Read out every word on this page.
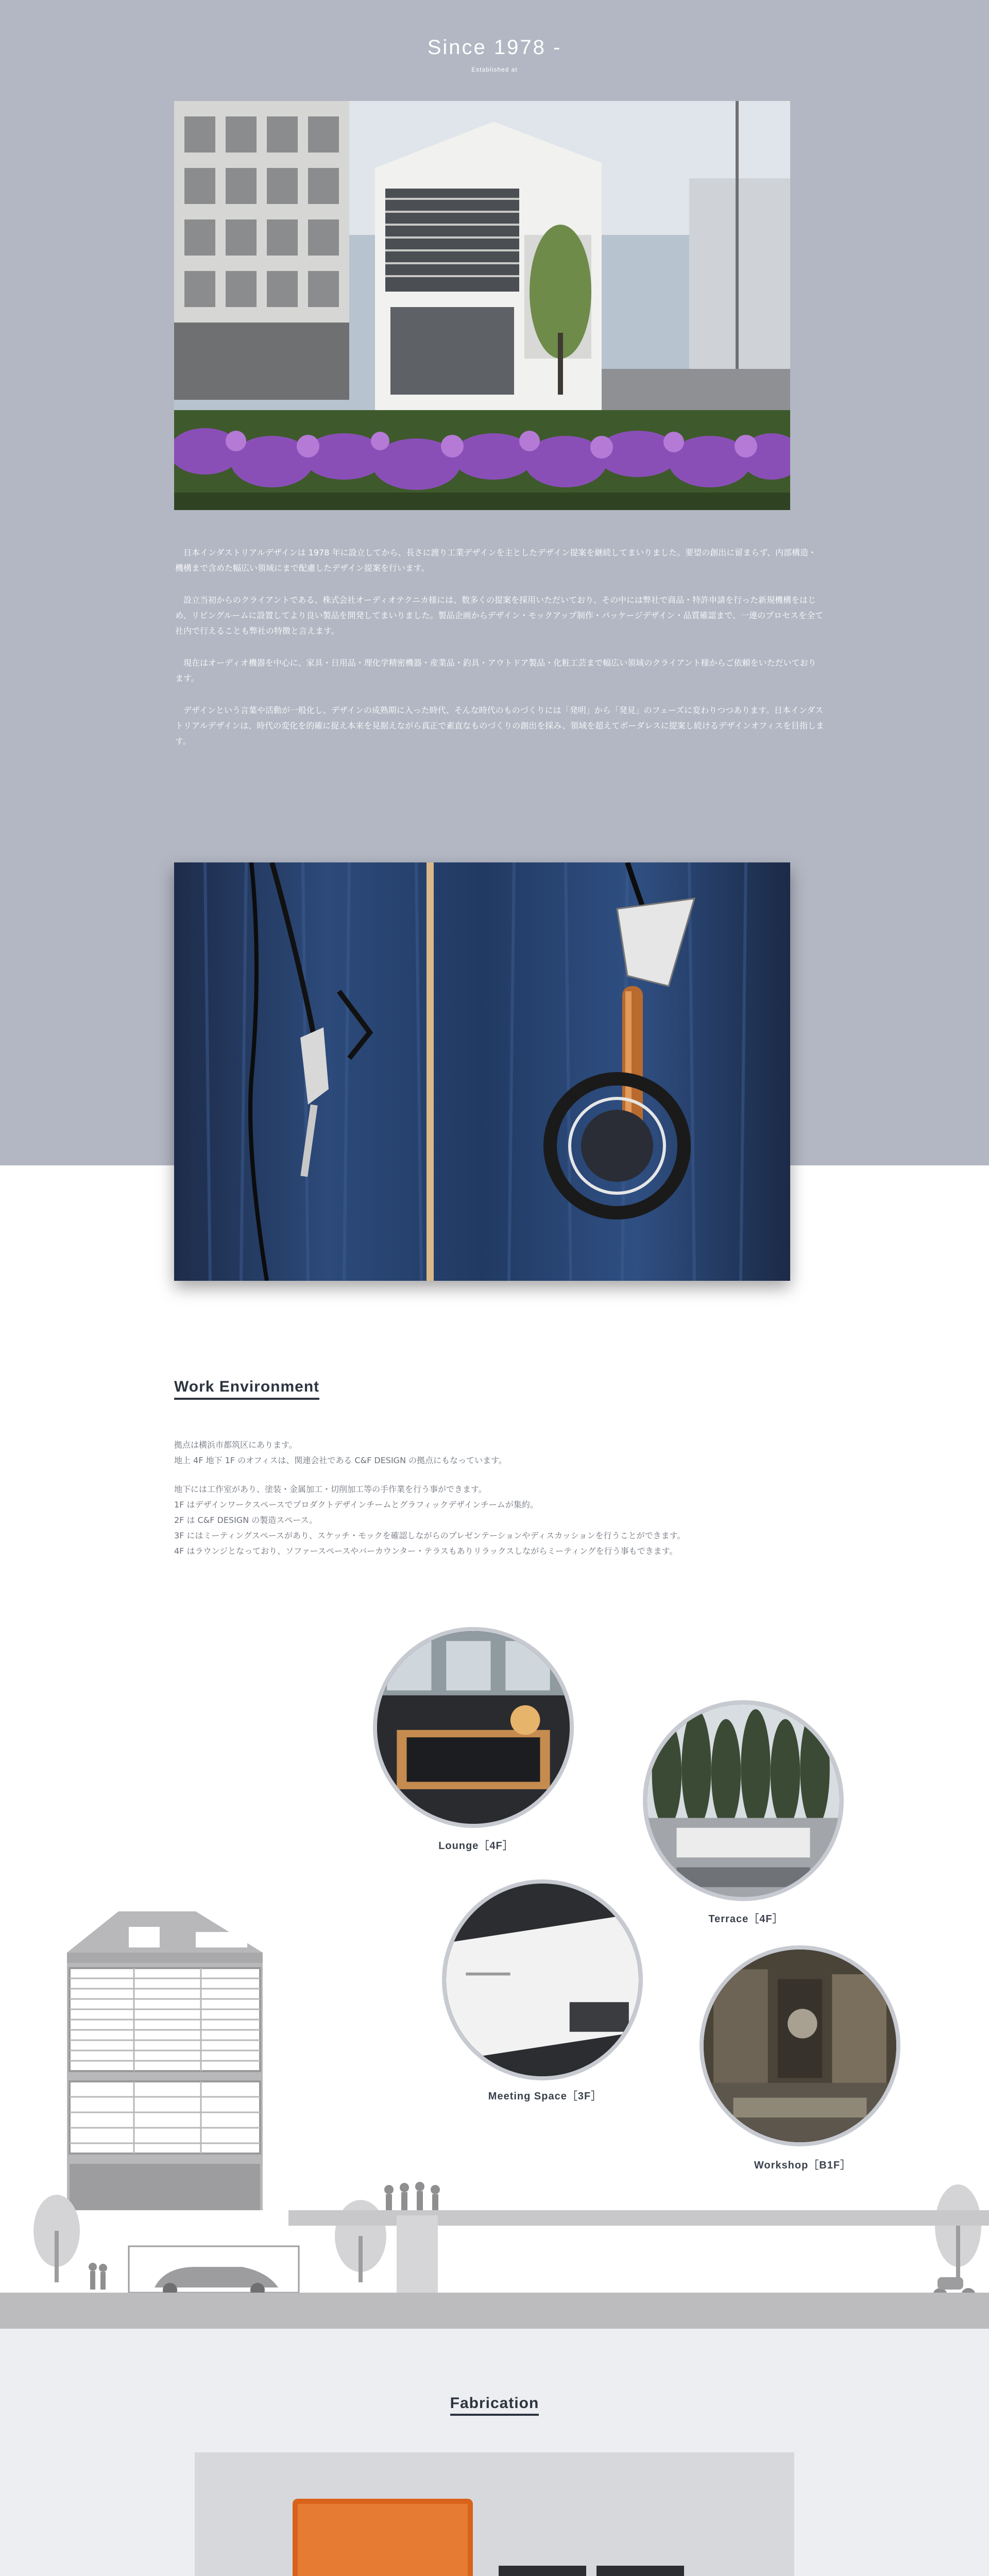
Since 1978 -
Established at

　日本インダストリアルデザインは 1978 年に設立してから、長さに渡り工業デザインを主としたデザイン提案を継続してまいりました。要望の創出に留まらず、内部構造・機構まで含めた幅広い領域にまで配慮したデザイン提案を行います。

　設立当初からのクライアントである、株式会社オーディオテクニカ様には、数多くの提案を採用いただいており、その中には弊社で商品・特許申請を行った新規機構をはじめ、リビングルームに設置してより良い製品を開発してまいりました。製品企画からデザイン・モックアップ制作・パッケージデザイン・品質確認まで、一連のプロセスを全て社内で行えることも弊社の特徴と言えます。

　現在はオーディオ機器を中心に、家具・日用品・理化学精密機器・産業品・釣具・アウトドア製品・化粧工芸まで幅広い領域のクライアント様からご依頼をいただいております。

　デザインという言葉や活動が一般化し、デザインの成熟期に入った時代、そんな時代のものづくりには「発明」から「発見」のフェーズに変わりつつあります。日本インダストリアルデザインは、時代の変化を的確に捉え本来を見据えながら真正で素直なものづくりの創出を採み、領域を超えてボーダレスに提案し続けるデザインオフィスを目指します。

Work Environment

拠点は横浜市都筑区にあります。

地上 4F 地下 1F のオフィスは、関連会社である C&F DESIGN の拠点にもなっています。

地下には工作室があり、塗装・金属加工・切削加工等の手作業を行う事ができます。

1F はデザインワークスペースでプロダクトデザインチームとグラフィックデザインチームが集約。

2F は C&F DESIGN の製造スペース。

3F にはミーティングスペースがあり、スケッチ・モックを確認しながらのプレゼンテーションやディスカッションを行うことができます。

4F はラウンジとなっており、ソファースペースやバーカウンター・テラスもありリラックスしながらミーティングを行う事もできます。

Lounge［4F］
Terrace［4F］
Meeting Space［3F］
Workshop［B1F］
Fabrication
